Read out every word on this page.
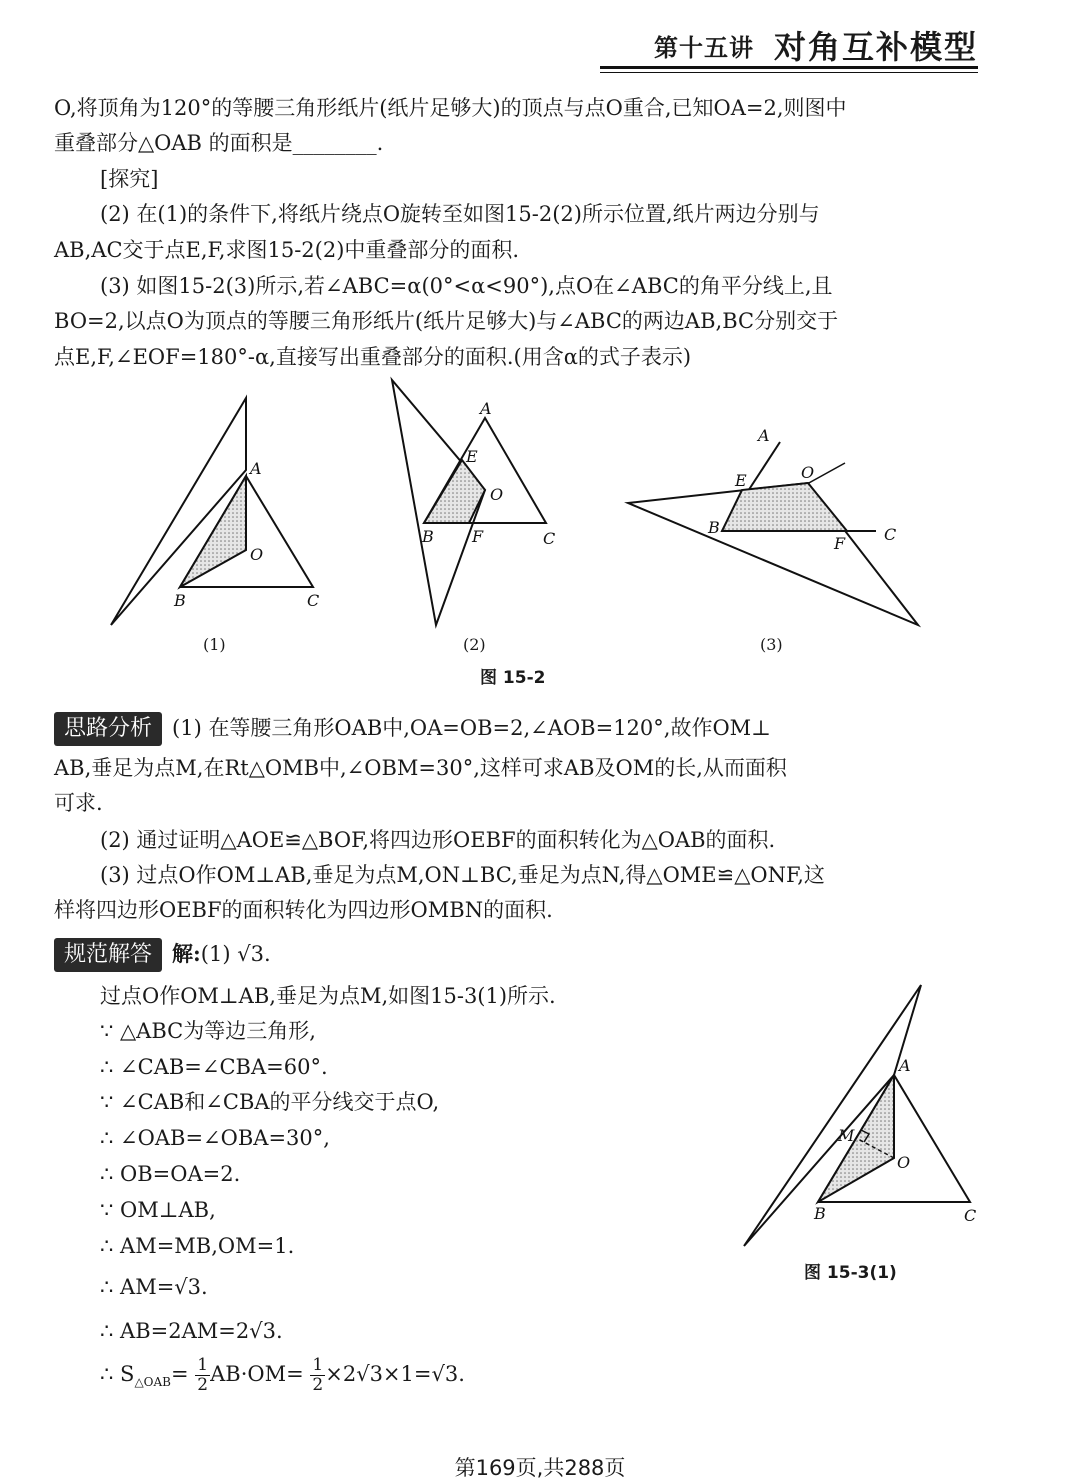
第十五讲 对角互补模型
O,将顶角为120°的等腰三角形纸片(纸片足够大)的顶点与点O重合,已知OA=2,则图中
重叠部分△OAB 的面积是________.
[探究]
(2) 在(1)的条件下,将纸片绕点O旋转至如图15-2(2)所示位置,纸片两边分别与
AB,AC交于点E,F,求图15-2(2)中重叠部分的面积.
(3) 如图15-2(3)所示,若∠ABC=α(0°<α<90°),点O在∠ABC的角平分线上,且
BO=2,以点O为顶点的等腰三角形纸片(纸片足够大)与∠ABC的两边AB,BC分别交于
点E,F,∠EOF=180°-α,直接写出重叠部分的面积.(用含α的式子表示)
A
O
B	C
A
E
O
B F	C
A
E	O
B
F C
A
M
O
B	C
(1)	(2)	(3)
图 15-2
思路分析 (1) 在等腰三角形OAB中,OA=OB=2,∠AOB=120°,故作OM⊥
AB,垂足为点M,在Rt△OMB中,∠OBM=30°,这样可求AB及OM的长,从而面积
可求.
(2) 通过证明△AOE≌△BOF,将四边形OEBF的面积转化为△OAB的面积.
(3) 过点O作OM⊥AB,垂足为点M,ON⊥BC,垂足为点N,得△OME≌△ONF,这
样将四边形OEBF的面积转化为四边形OMBN的面积.
规范解答 解:(1) √3.
过点O作OM⊥AB,垂足为点M,如图15-3(1)所示.
∵ △ABC为等边三角形,
∴ ∠CAB=∠CBA=60°.
∵ ∠CAB和∠CBA的平分线交于点O,
∴ ∠OAB=∠OBA=30°,
∴ OB=OA=2.
∵ OM⊥AB,
∴ AM=MB,OM=1.
∴ AM=√3.
∴ AB=2AM=2√3.
∴ $S_{\triangle OAB}= \frac{1}{2} AB\cdot OM= \frac{1}{2} \times 2√3\times 1=√3$.
图 15-3(1)
第169页,共288页
